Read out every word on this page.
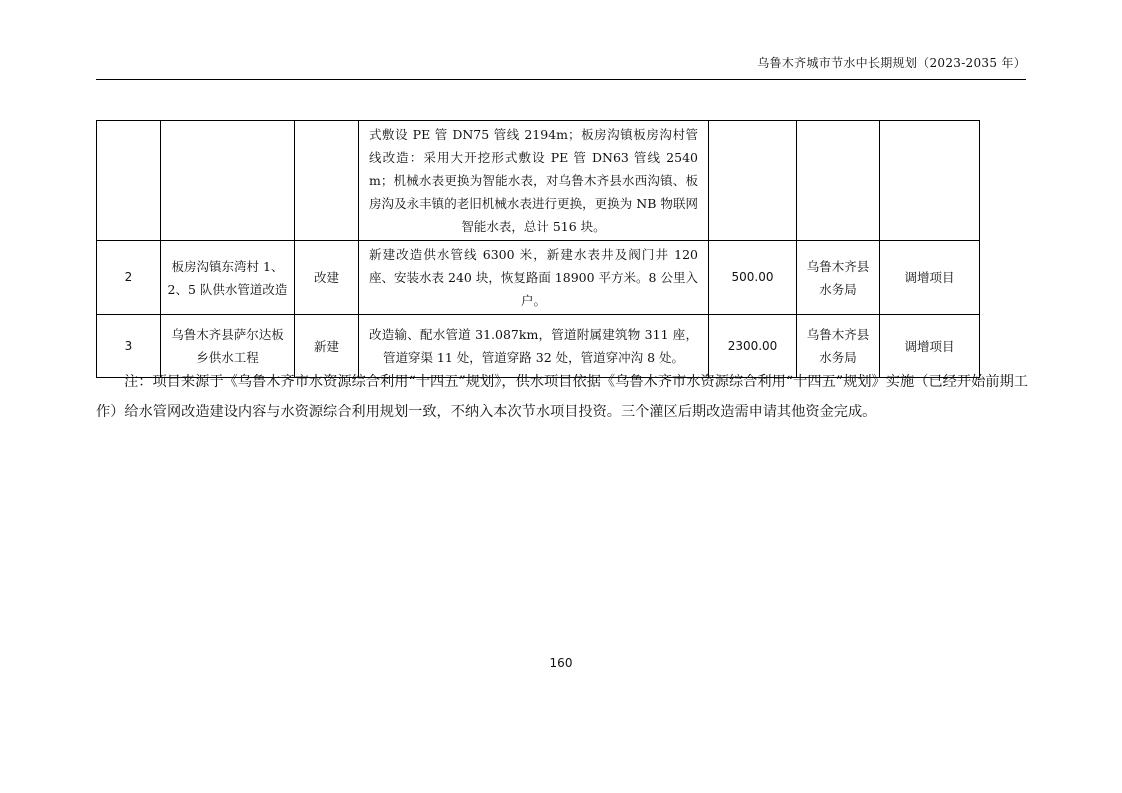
乌鲁木齐城市节水中长期规划（2023-2035 年）
			式敷设 PE 管 DN75 管线 2194m；板房沟镇板房沟村管线改造：采用大开挖形式敷设 PE 管 DN63 管线 2540m；机械水表更换为智能水表，对乌鲁木齐县水西沟镇、板房沟及永丰镇的老旧机械水表进行更换，更换为 NB 物联网智能水表，总计 516 块。			
2	板房沟镇东湾村 1、2、5 队供水管道改造	改建	新建改造供水管线 6300 米，新建水表井及阀门井 120 座、安装水表 240 块，恢复路面 18900 平方米。8 公里入户。	500.00	乌鲁木齐县水务局	调增项目
3	乌鲁木齐县萨尔达板乡供水工程	新建	改造输、配水管道 31.087km，管道附属建筑物 311 座，管道穿渠 11 处，管道穿路 32 处，管道穿冲沟 8 处。	2300.00	乌鲁木齐县水务局	调增项目

注：项目来源于《乌鲁木齐市水资源综合利用“十四五”规划》，供水项目依据《乌鲁木齐市水资源综合利用“十四五”规划》实施（已经开始前期工作）给水管网改造建设内容与水资源综合利用规划一致，不纳入本次节水项目投资。三个灌区后期改造需申请其他资金完成。

160
